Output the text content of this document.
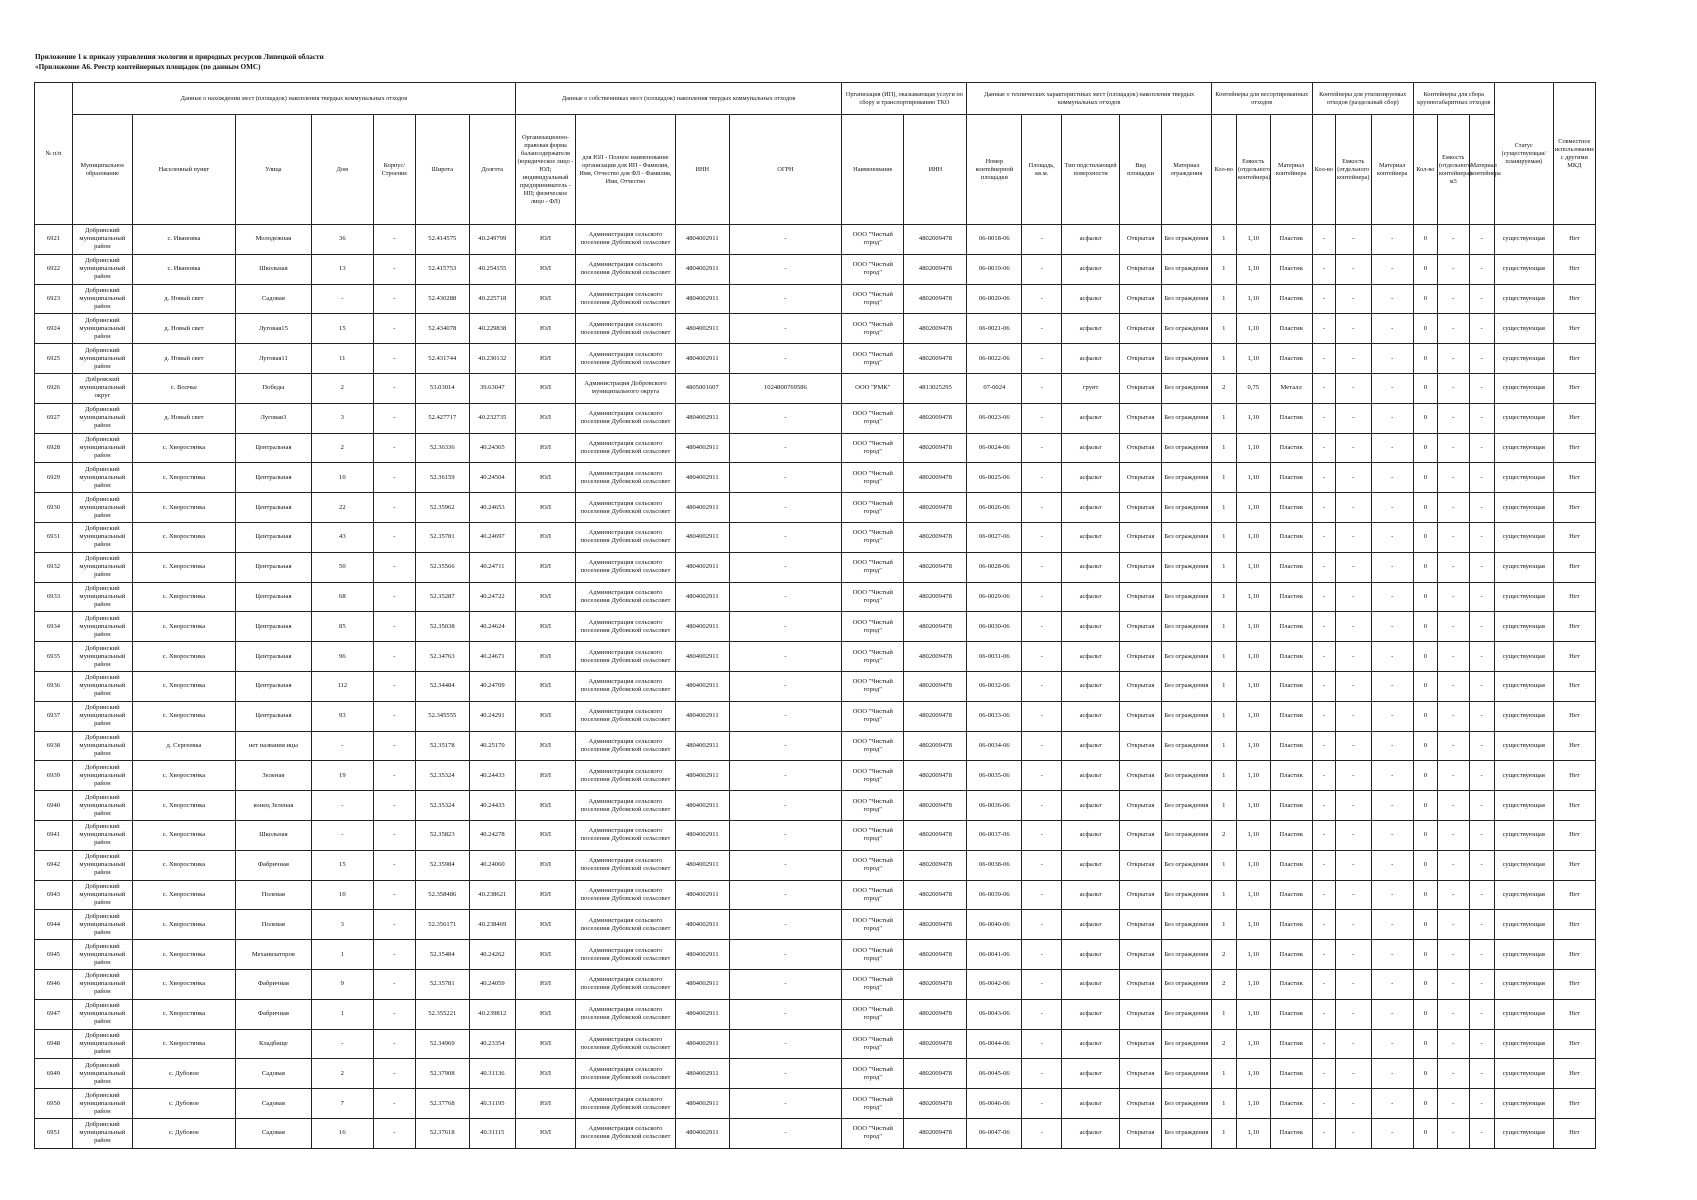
Приложение 1 к приказу управления экологии и природных ресурсов Липецкой области
«Приложение А6. Реестр контейнерных площадок (по данным ОМС)
№ п/п	Данные о нахождении мест (площадок) накопления твердых коммунальных отходов							Данные о собственниках мест (площадок) накопления твердых коммунальных отходов				Организация (ИП), оказывающая услуги по сбору и транспортированию ТКО		Данные о технических характеристиках мест (площадок) накопления твердых коммунальных отходов					Контейнеры для несортированных отходов			Контейнеры для утилизируемых отходов (раздельный сбор)			Контейнеры для сбора крупногабаритных отходов			Статус (существующая/ планируемая)	Совместное использование с другими МКД
	Муниципальное образование	Населенный пункт	Улица	Дом	Корпус/Строение	Широта	Долгота	Организационно-правовая форма балансодержателя (юридическое лицо - ЮЛ; индивидуальный предприниматель - ИП; физическое лицо - ФЛ)	для ЮЛ - Полное наименование организации для ИП - Фамилия, Имя, Отчество для ФЛ - Фамилия, Имя, Отчество	ИНН	ОГРН	Наименование	ИНН	Номер контейнерной площадки	Площадь, кв.м.	Тип подстилающей поверхности	Вид площадки	Материал ограждения	Кол-во	Емкость (отдельного контейнера)	Материал контейнера	Кол-во	Емкость (отдельного контейнера)	Материал контейнера	Кол-во	Емкость (отдельного контейнера) м3	Материал контейнера		
6921	Добринский муниципальный район	с. Ивановка	Молодежная	36	-	52.414575	40.249799	ЮЛ	Администрация сельского поселения Дубовской сельсовет	4804002911	-	ООО "Чистый город"	4802009478	06-0018-06	-	асфальт	Открытая	Без ограждения	1	1,10	Пластик	-	-	-	0	-	-	существующая	Нет
6922	Добринский муниципальный район	с. Ивановка	Школьная	13	-	52.415753	40.254155	ЮЛ	Администрация сельского поселения Дубовской сельсовет	4804002911	-	ООО "Чистый город"	4802009478	06-0019-06	-	асфальт	Открытая	Без ограждения	1	1,10	Пластик	-	-	-	0	-	-	существующая	Нет
6923	Добринский муниципальный район	д. Новый свет	Садовая	-	-	52.430288	40.225718	ЮЛ	Администрация сельского поселения Дубовской сельсовет	4804002911	-	ООО "Чистый город"	4802009478	06-0020-06	-	асфальт	Открытая	Без ограждения	1	1,10	Пластик	-	-	-	0	-	-	существующая	Нет
6924	Добринский муниципальный район	д. Новый свет	Луговая15	15	-	52.434078	40.229838	ЮЛ	Администрация сельского поселения Дубовской сельсовет	4804002911	-	ООО "Чистый город"	4802009478	06-0021-06	-	асфальт	Открытая	Без ограждения	1	1,10	Пластик	-	-	-	0	-	-	существующая	Нет
6925	Добринский муниципальный район	д. Новый свет	Луговая11	11	-	52.431744	40.230132	ЮЛ	Администрация сельского поселения Дубовской сельсовет	4804002911	-	ООО "Чистый город"	4802009478	06-0022-06	-	асфальт	Открытая	Без ограждения	1	1,10	Пластик	-	-	-	0	-	-	существующая	Нет
6926	Добровский муниципальный округ	с. Волчье	Победы	2	-	53.03014	39.63047	ЮЛ	Администрация Добровского муниципального округа	4805001607	1024800769586	ООО "РМК"	4813025295	07-0024	-	грунт	Открытая	Без ограждения	2	0,75	Металл	-	-	-	0	-	-	существующая	Нет
6927	Добринский муниципальный район	д. Новый свет	Луговая3	3	-	52.427717	40.232735	ЮЛ	Администрация сельского поселения Дубовской сельсовет	4804002911	-	ООО "Чистый город"	4802009478	06-0023-06	-	асфальт	Открытая	Без ограждения	1	1,10	Пластик	-	-	-	0	-	-	существующая	Нет
6928	Добринский муниципальный район	с. Хворостянка	Центральная	2	-	52.36336	40.24365	ЮЛ	Администрация сельского поселения Дубовской сельсовет	4804002911	-	ООО "Чистый город"	4802009478	06-0024-06	-	асфальт	Открытая	Без ограждения	1	1,10	Пластик	-	-	-	0	-	-	существующая	Нет
6929	Добринский муниципальный район	с. Хворостянка	Центральная	10	-	52.36159	40.24504	ЮЛ	Администрация сельского поселения Дубовской сельсовет	4804002911	-	ООО "Чистый город"	4802009478	06-0025-06	-	асфальт	Открытая	Без ограждения	1	1,10	Пластик	-	-	-	0	-	-	существующая	Нет
6930	Добринский муниципальный район	с. Хворостянка	Центральная	22	-	52.35962	40.24653	ЮЛ	Администрация сельского поселения Дубовской сельсовет	4804002911	-	ООО "Чистый город"	4802009478	06-0026-06	-	асфальт	Открытая	Без ограждения	1	1,10	Пластик	-	-	-	0	-	-	существующая	Нет
6931	Добринский муниципальный район	с. Хворостянка	Центральная	43	-	52.35781	40.24697	ЮЛ	Администрация сельского поселения Дубовской сельсовет	4804002911	-	ООО "Чистый город"	4802009478	06-0027-06	-	асфальт	Открытая	Без ограждения	1	1,10	Пластик	-	-	-	0	-	-	существующая	Нет
6932	Добринский муниципальный район	с. Хворостянка	Центральная	50	-	52.35566	40.24711	ЮЛ	Администрация сельского поселения Дубовской сельсовет	4804002911	-	ООО "Чистый город"	4802009478	06-0028-06	-	асфальт	Открытая	Без ограждения	1	1,10	Пластик	-	-	-	0	-	-	существующая	Нет
6933	Добринский муниципальный район	с. Хворостянка	Центральная	68	-	52.35287	40.24722	ЮЛ	Администрация сельского поселения Дубовской сельсовет	4804002911	-	ООО "Чистый город"	4802009478	06-0029-06	-	асфальт	Открытая	Без ограждения	1	1,10	Пластик	-	-	-	0	-	-	существующая	Нет
6934	Добринский муниципальный район	с. Хворостянка	Центральная	85	-	52.35038	40.24624	ЮЛ	Администрация сельского поселения Дубовской сельсовет	4804002911	-	ООО "Чистый город"	4802009478	06-0030-06	-	асфальт	Открытая	Без ограждения	1	1,10	Пластик	-	-	-	0	-	-	существующая	Нет
6935	Добринский муниципальный район	с. Хворостянка	Центральная	96	-	52.34763	40.24671	ЮЛ	Администрация сельского поселения Дубовской сельсовет	4804002911	-	ООО "Чистый город"	4802009478	06-0031-06	-	асфальт	Открытая	Без ограждения	1	1,10	Пластик	-	-	-	0	-	-	существующая	Нет
6936	Добринский муниципальный район	с. Хворостянка	Центральная	112	-	52.34484	40.24709	ЮЛ	Администрация сельского поселения Дубовской сельсовет	4804002911	-	ООО "Чистый город"	4802009478	06-0032-06	-	асфальт	Открытая	Без ограждения	1	1,10	Пластик	-	-	-	0	-	-	существующая	Нет
6937	Добринский муниципальный район	с. Хворостянка	Центральная	93	-	52.345555	40.24291	ЮЛ	Администрация сельского поселения Дубовской сельсовет	4804002911	-	ООО "Чистый город"	4802009478	06-0033-06	-	асфальт	Открытая	Без ограждения	1	1,10	Пластик	-	-	-	0	-	-	существующая	Нет
6938	Добринский муниципальный район	д. Сергеевка	нет названия ицы	-	-	52.35178	40.25170	ЮЛ	Администрация сельского поселения Дубовской сельсовет	4804002911	-	ООО "Чистый город"	4802009478	06-0034-06	-	асфальт	Открытая	Без ограждения	1	1,10	Пластик	-	-	-	0	-	-	существующая	Нет
6939	Добринский муниципальный район	с. Хворостянка	Зеленая	19	-	52.35324	40.24433	ЮЛ	Администрация сельского поселения Дубовской сельсовет	4804002911	-	ООО "Чистый город"	4802009478	06-0035-06	-	асфальт	Открытая	Без ограждения	1	1,10	Пластик	-	-	-	0	-	-	существующая	Нет
6940	Добринский муниципальный район	с. Хворостянка	конец Зеленая	-	-	52.35324	40.24433	ЮЛ	Администрация сельского поселения Дубовской сельсовет	4804002911	-	ООО "Чистый город"	4802009478	06-0036-06	-	асфальт	Открытая	Без ограждения	1	1,10	Пластик	-	-	-	0	-	-	существующая	Нет
6941	Добринский муниципальный район	с. Хворостянка	Школьная	-	-	52.35823	40.24278	ЮЛ	Администрация сельского поселения Дубовской сельсовет	4804002911	-	ООО "Чистый город"	4802009478	06-0037-06	-	асфальт	Открытая	Без ограждения	2	1,10	Пластик	-	-	-	0	-	-	существующая	Нет
6942	Добринский муниципальный район	с. Хворостянка	Фабричная	15	-	52.35984	40.24060	ЮЛ	Администрация сельского поселения Дубовской сельсовет	4804002911	-	ООО "Чистый город"	4802009478	06-0038-06	-	асфальт	Открытая	Без ограждения	1	1,10	Пластик	-	-	-	0	-	-	существующая	Нет
6943	Добринский муниципальный район	с. Хворостянка	Полевая	10	-	52.358486	40.238621	ЮЛ	Администрация сельского поселения Дубовской сельсовет	4804002911	-	ООО "Чистый город"	4802009478	06-0039-06	-	асфальт	Открытая	Без ограждения	1	1,10	Пластик	-	-	-	0	-	-	существующая	Нет
6944	Добринский муниципальный район	с. Хворостянка	Полевая	3	-	52.356171	40.238469	ЮЛ	Администрация сельского поселения Дубовской сельсовет	4804002911	-	ООО "Чистый город"	4802009478	06-0040-06	-	асфальт	Открытая	Без ограждения	1	1,10	Пластик	-	-	-	0	-	-	существующая	Нет
6945	Добринский муниципальный район	с. Хворостянка	Механизаторов	1	-	52.35484	40.24262	ЮЛ	Администрация сельского поселения Дубовской сельсовет	4804002911	-	ООО "Чистый город"	4802009478	06-0041-06	-	асфальт	Открытая	Без ограждения	2	1,10	Пластик	-	-	-	0	-	-	существующая	Нет
6946	Добринский муниципальный район	с. Хворостянка	Фабричная	9	-	52.35781	40.24059	ЮЛ	Администрация сельского поселения Дубовской сельсовет	4804002911	-	ООО "Чистый город"	4802009478	06-0042-06	-	асфальт	Открытая	Без ограждения	2	1,10	Пластик	-	-	-	0	-	-	существующая	Нет
6947	Добринский муниципальный район	с. Хворостянка	Фабричная	1	-	52.355221	40.239812	ЮЛ	Администрация сельского поселения Дубовской сельсовет	4804002911	-	ООО "Чистый город"	4802009478	06-0043-06	-	асфальт	Открытая	Без ограждения	1	1,10	Пластик	-	-	-	0	-	-	существующая	Нет
6948	Добринский муниципальный район	с. Хворостянка	Кладбище	-	-	52.34969	40.23354	ЮЛ	Администрация сельского поселения Дубовской сельсовет	4804002911	-	ООО "Чистый город"	4802009478	06-0044-06	-	асфальт	Открытая	Без ограждения	2	1,10	Пластик	-	-	-	0	-	-	существующая	Нет
6949	Добринский муниципальный район	с. Дубовое	Садовая	2	-	52.37908	40.31136	ЮЛ	Администрация сельского поселения Дубовской сельсовет	4804002911	-	ООО "Чистый город"	4802009478	06-0045-06	-	асфальт	Открытая	Без ограждения	1	1,10	Пластик	-	-	-	0	-	-	существующая	Нет
6950	Добринский муниципальный район	с. Дубовое	Садовая	7	-	52.37768	40.31195	ЮЛ	Администрация сельского поселения Дубовской сельсовет	4804002911	-	ООО "Чистый город"	4802009478	06-0046-06	-	асфальт	Открытая	Без ограждения	1	1,10	Пластик	-	-	-	0	-	-	существующая	Нет
6951	Добринский муниципальный район	с. Дубовое	Садовая	16	-	52.37618	40.31115	ЮЛ	Администрация сельского поселения Дубовской сельсовет	4804002911	-	ООО "Чистый город"	4802009478	06-0047-06	-	асфальт	Открытая	Без ограждения	1	1,10	Пластик	-	-	-	0	-	-	существующая	Нет
